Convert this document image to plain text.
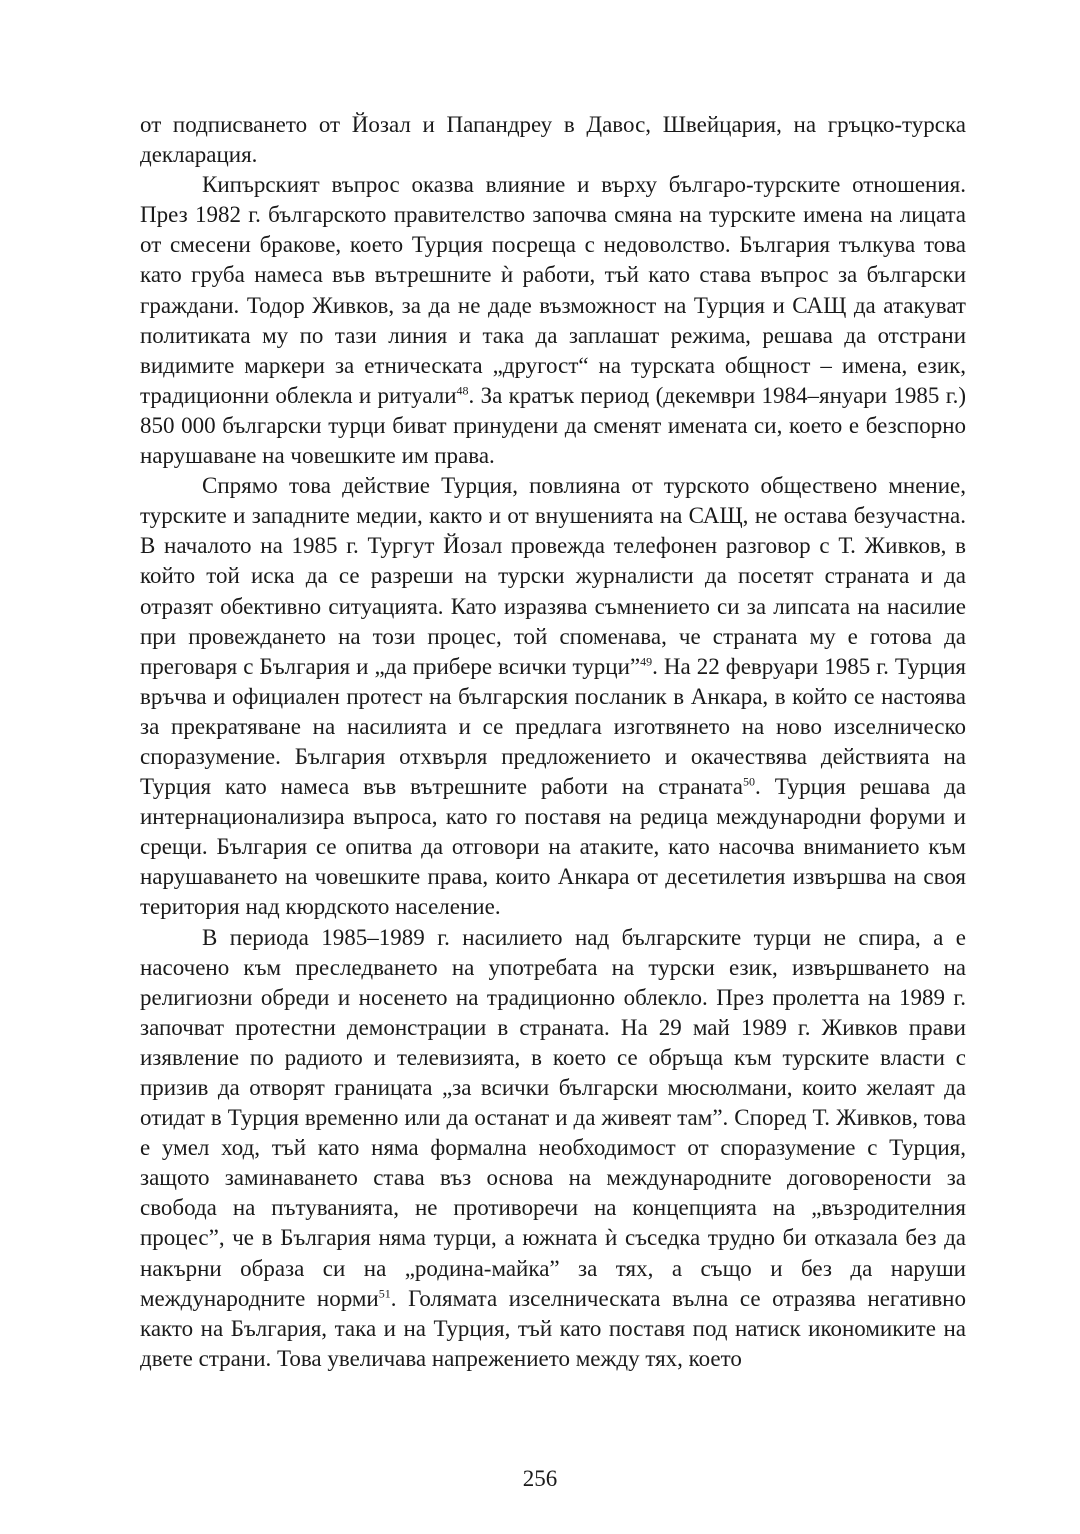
от подписването от Йозал и Папандреу в Давос, Швейцария, на гръцко-турска декларация.

Кипърският въпрос оказва влияние и върху българо-турските отношения. През 1982 г. българското правителство започва смяна на турските имена на лицата от смесени бракове, което Турция посреща с недоволство. България тълкува това като груба намеса във вътрешните ѝ работи, тъй като става въпрос за български граждани. Тодор Живков, за да не даде възможност на Турция и САЩ да атакуват политиката му по тази линия и така да заплашат режима, решава да отстрани видимите маркери за етническата „другост“ на турската общност – имена, език, традиционни облекла и ритуали$^{48}$. За кратък период (декември 1984–януари 1985 г.) 850 000 български турци биват принудени да сменят имената си, което е безспорно нарушаване на човешките им права.

Спрямо това действие Турция, повлияна от турското обществено мнение, турските и западните медии, както и от внушенията на САЩ, не остава безучастна. В началото на 1985 г. Тургут Йозал провежда телефонен разговор с Т. Живков, в който той иска да се разреши на турски журналисти да посетят страната и да отразят обективно ситуацията. Като изразява съмнението си за липсата на насилие при провеждането на този процес, той споменава, че страната му е готова да преговаря с България и „да прибере всички турци”$^{49}$. На 22 февруари 1985 г. Турция връчва и официален протест на българския посланик в Анкара, в който се настоява за прекратяване на насилията и се предлага изготвянето на ново изселническо споразумение. България отхвърля предложението и окачествява действията на Турция като намеса във вътрешните работи на страната$^{50}$. Турция решава да интернационализира въпроса, като го поставя на редица международни форуми и срещи. България се опитва да отговори на атаките, като насочва вниманието към нарушаването на човешките права, които Анкара от десетилетия извършва на своя територия над кюрдското население.

В периода 1985–1989 г. насилието над българските турци не спира, а е насочено към преследването на употребата на турски език, извършването на религиозни обреди и носенето на традиционно облекло. През пролетта на 1989 г. започват протестни демонстрации в страната. На 29 май 1989 г. Живков прави изявление по радиото и телевизията, в което се обръща към турските власти с призив да отворят границата „за всички български мюсюлмани, които желаят да отидат в Турция временно или да останат и да живеят там”. Според Т. Живков, това е умел ход, тъй като няма формална необходимост от споразумение с Турция, защото заминаването става въз основа на международните договорености за свобода на пътуванията, не противоречи на концепцията на „възродителния процес”, че в България няма турци, а южната ѝ съседка трудно би отказала без да накърни образа си на „родина-майка” за тях, а също и без да наруши международните норми$^{51}$. Голямата изселническата вълна се отразява негативно както на България, така и на Турция, тъй като поставя под натиск икономиките на двете страни. Това увеличава напрежението между тях, което

256
